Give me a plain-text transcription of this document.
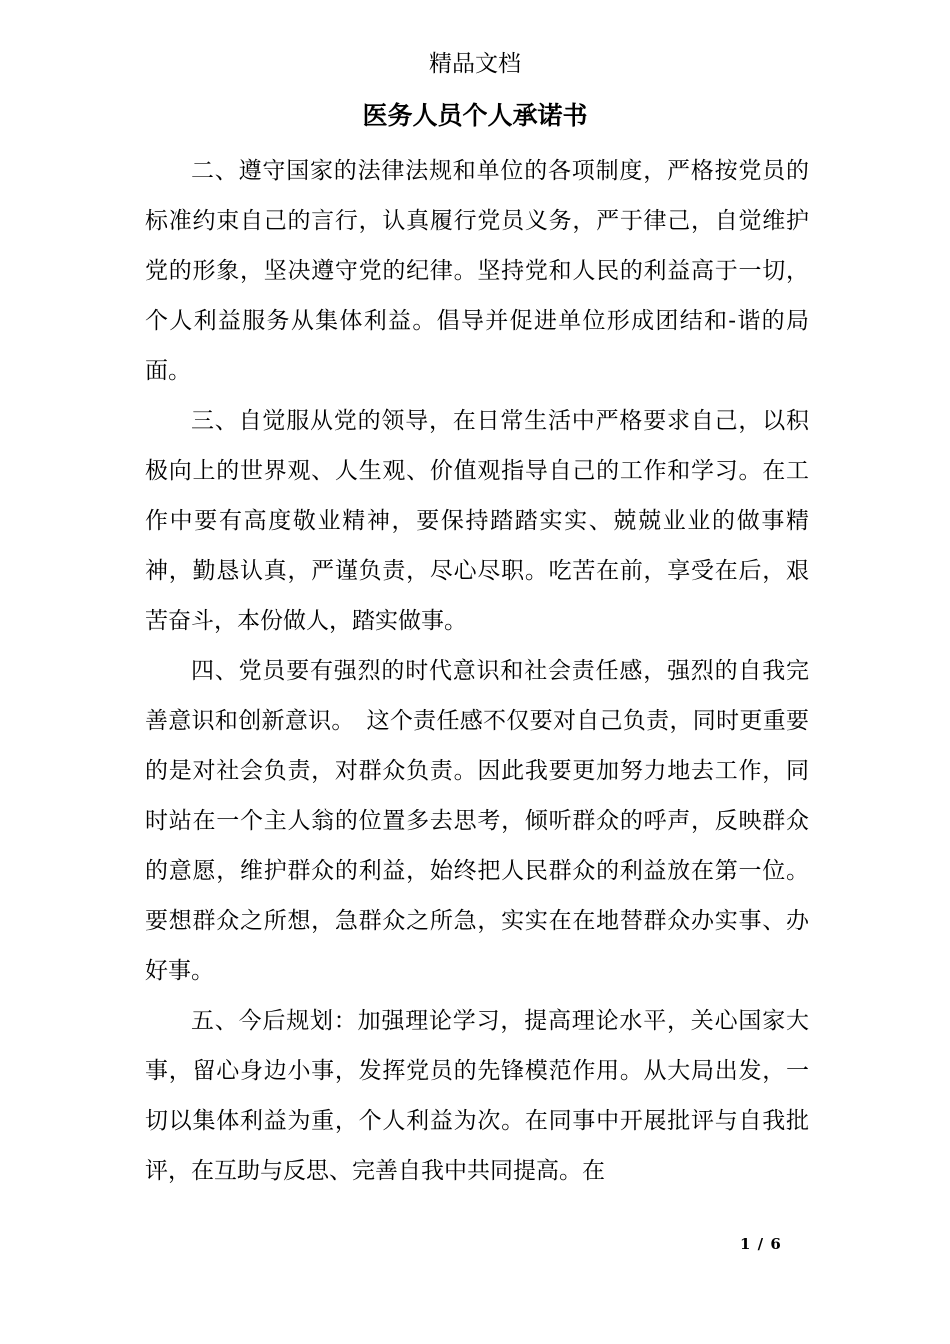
精品文档
医务人员个人承诺书

二、遵守国家的法律法规和单位的各项制度，严格按党员的标准约束自己的言行，认真履行党员义务，严于律己，自觉维护党的形象，坚决遵守党的纪律。坚持党和人民的利益高于一切，个人利益服务从集体利益。倡导并促进单位形成团结和-谐的局面。

三、自觉服从党的领导，在日常生活中严格要求自己，以积极向上的世界观、人生观、价值观指导自己的工作和学习。在工作中要有高度敬业精神，要保持踏踏实实、兢兢业业的做事精神，勤恳认真，严谨负责，尽心尽职。吃苦在前，享受在后，艰苦奋斗，本份做人，踏实做事。

四、党员要有强烈的时代意识和社会责任感，强烈的自我完善意识和创新意识。　这个责任感不仅要对自己负责，同时更重要的是对社会负责，对群众负责。因此我要更加努力地去工作，同时站在一个主人翁的位置多去思考，倾听群众的呼声，反映群众的意愿，维护群众的利益，始终把人民群众的利益放在第一位。要想群众之所想，急群众之所急，实实在在地替群众办实事、办好事。

五、今后规划：加强理论学习，提高理论水平，关心国家大事，留心身边小事，发挥党员的先锋模范作用。从大局出发，一切以集体利益为重，个人利益为次。在同事中开展批评与自我批评，在互助与反思、完善自我中共同提高。在

1 / 6
